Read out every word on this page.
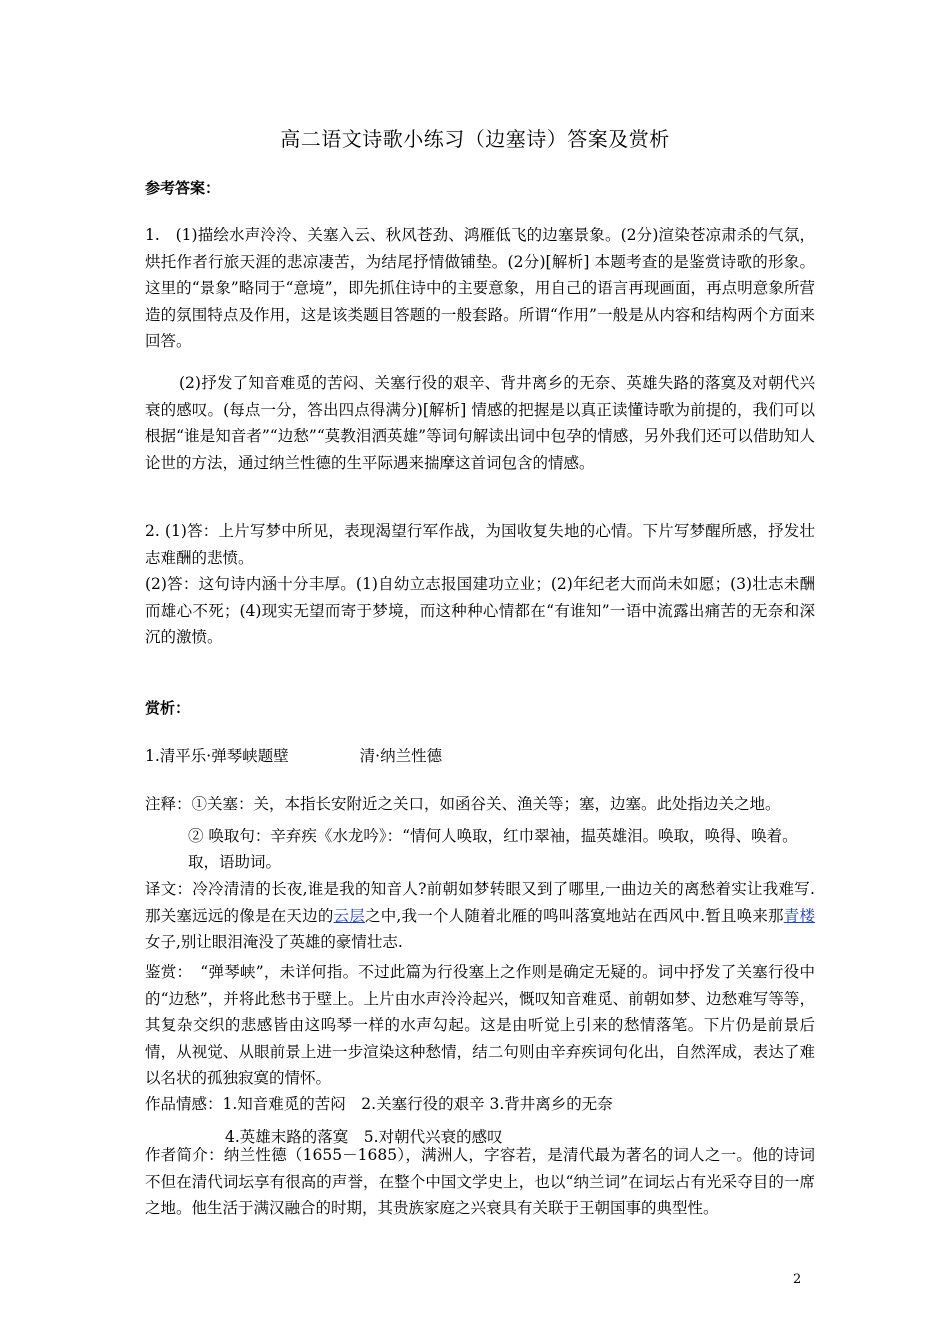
高二语文诗歌小练习（边塞诗）答案及赏析
参考答案：

1.　(1)描绘水声泠泠、关塞入云、秋风苍劲、鸿雁低飞的边塞景象。(2分)渲染苍凉肃杀的气氛，烘托作者行旅天涯的悲凉凄苦，为结尾抒情做铺垫。(2分)[解析] 本题考查的是鉴赏诗歌的形象。这里的“景象”略同于“意境”，即先抓住诗中的主要意象，用自己的语言再现画面，再点明意象所营造的氛围特点及作用，这是该类题目答题的一般套路。所谓“作用”一般是从内容和结构两个方面来回答。

(2)抒发了知音难觅的苦闷、关塞行役的艰辛、背井离乡的无奈、英雄失路的落寞及对朝代兴衰的感叹。(每点一分，答出四点得满分)[解析] 情感的把握是以真正读懂诗歌为前提的，我们可以根据“谁是知音者”“边愁”“莫教泪洒英雄”等词句解读出词中包孕的情感，另外我们还可以借助知人论世的方法，通过纳兰性德的生平际遇来揣摩这首词包含的情感。

2. (1)答：上片写梦中所见，表现渴望行军作战，为国收复失地的心情。下片写梦醒所感，抒发壮志难酬的悲愤。

(2)答：这句诗内涵十分丰厚。(1)自幼立志报国建功立业；(2)年纪老大而尚未如愿；(3)壮志未酬而雄心不死；(4)现实无望而寄于梦境，而这种种心情都在“有谁知”一语中流露出痛苦的无奈和深沉的激愤。

赏析：
1.清平乐·弹琴峡题壁	清·纳兰性德
注释：①关塞：关，本指长安附近之关口，如函谷关、渔关等；塞，边塞。此处指边关之地。
② 唤取句：辛弃疾《水龙吟》：“情何人唤取，红巾翠袖，揾英雄泪。唤取，唤得、唤着。取，语助词。

译文：冷冷清清的长夜,谁是我的知音人?前朝如梦转眼又到了哪里,一曲边关的离愁着实让我难写.那关塞远远的像是在天边的云层之中,我一个人随着北雁的鸣叫落寞地站在西风中.暂且唤来那青楼女子,别让眼泪淹没了英雄的豪情壮志.

鉴赏：　“弹琴峡”，未详何指。不过此篇为行役塞上之作则是确定无疑的。词中抒发了关塞行役中的“边愁”，并将此愁书于壁上。上片由水声泠泠起兴，慨叹知音难觅、前朝如梦、边愁难写等等，其复杂交织的悲感皆由这呜琴一样的水声勾起。这是由听觉上引来的愁情落笔。下片仍是前景后情，从视觉、从眼前景上进一步渲染这种愁情，结二句则由辛弃疾词句化出，自然浑成，表达了难以名状的孤独寂寞的情怀。

作品情感：1.知音难觅的苦闷　2.关塞行役的艰辛 3.背井离乡的无奈
4.英雄末路的落寞　5.对朝代兴衰的感叹

作者简介：纳兰性德（1655－1685），满洲人，字容若，是清代最为著名的词人之一。他的诗词不但在清代词坛享有很高的声誉，在整个中国文学史上，也以“纳兰词”在词坛占有光采夺目的一席之地。他生活于满汉融合的时期，其贵族家庭之兴衰具有关联于王朝国事的典型性。

2
